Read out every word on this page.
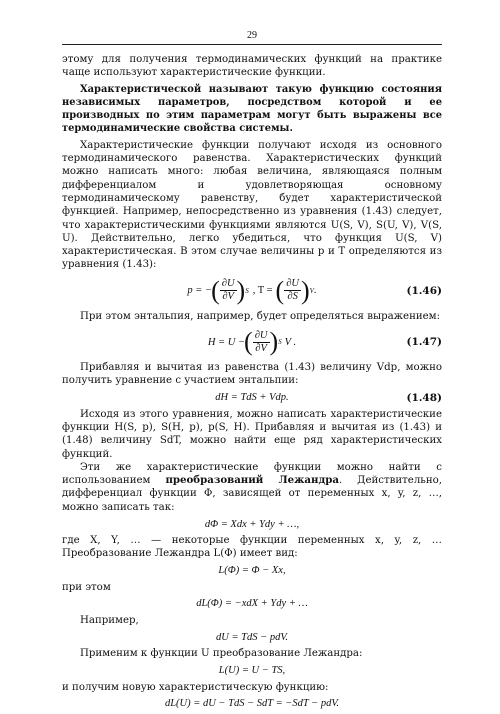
29

этому для получения термодинамических функций на практике чаще используют характеристические функции.

Характеристической называют такую функцию состояния независимых параметров, посредством которой и ее производных по этим параметрам могут быть выражены все термодинамические свойства системы.

Характеристические функции получают исходя из основного термодинамического равенства. Характеристических функций можно написать много: любая величина, являющаяся полным дифференциалом и удовлетворяющая основному термодинамическому равенству, будет характеристической функцией. Например, непосредственно из уравнения (1.43) следует, что характеристическими функциями являются U(S, V), S(U, V), V(S, U). Действительно, легко убедиться, что функция U(S, V) характеристическая. В этом случае величины p и T определяются из уравнения (1.43):

p = − ( $\frac{\partial U}{\partial V}$ ) S , T = ( $\frac{\partial U}{\partial S}$ ) V .	(1.46)

При этом энтальпия, например, будет определяться выражением:

H = U − ( $\frac{\partial U}{\partial V}$ ) S V .	(1.47)

Прибавляя и вычитая из равенства (1.43) величину Vdp, можно получить уравнение с участием энтальпии:

dH = TdS + Vdp.	(1.48)

Исходя из этого уравнения, можно написать характеристические функции H(S, p), S(H, p), p(S, H). Прибавляя и вычитая из (1.43) и (1.48) величину SdT, можно найти еще ряд характеристических функций.

Эти же характеристические функции можно найти с использованием преобразований Лежандра. Действительно, дифференциал функции Φ, зависящей от переменных x, y, z, …, можно записать так:

dΦ = Xdx + Ydy + …,

где X, Y, … — некоторые функции переменных x, y, z, … Преобразование Лежандра L(Φ) имеет вид:

L(Φ) = Φ − Xx,

при этом

dL(Φ) = −xdX + Ydy + …

Например,

dU = TdS − pdV.

Применим к функции U преобразование Лежандра:

L(U) = U − TS,

и получим новую характеристическую функцию:

dL(U) = dU − TdS − SdT = −SdT − pdV.
